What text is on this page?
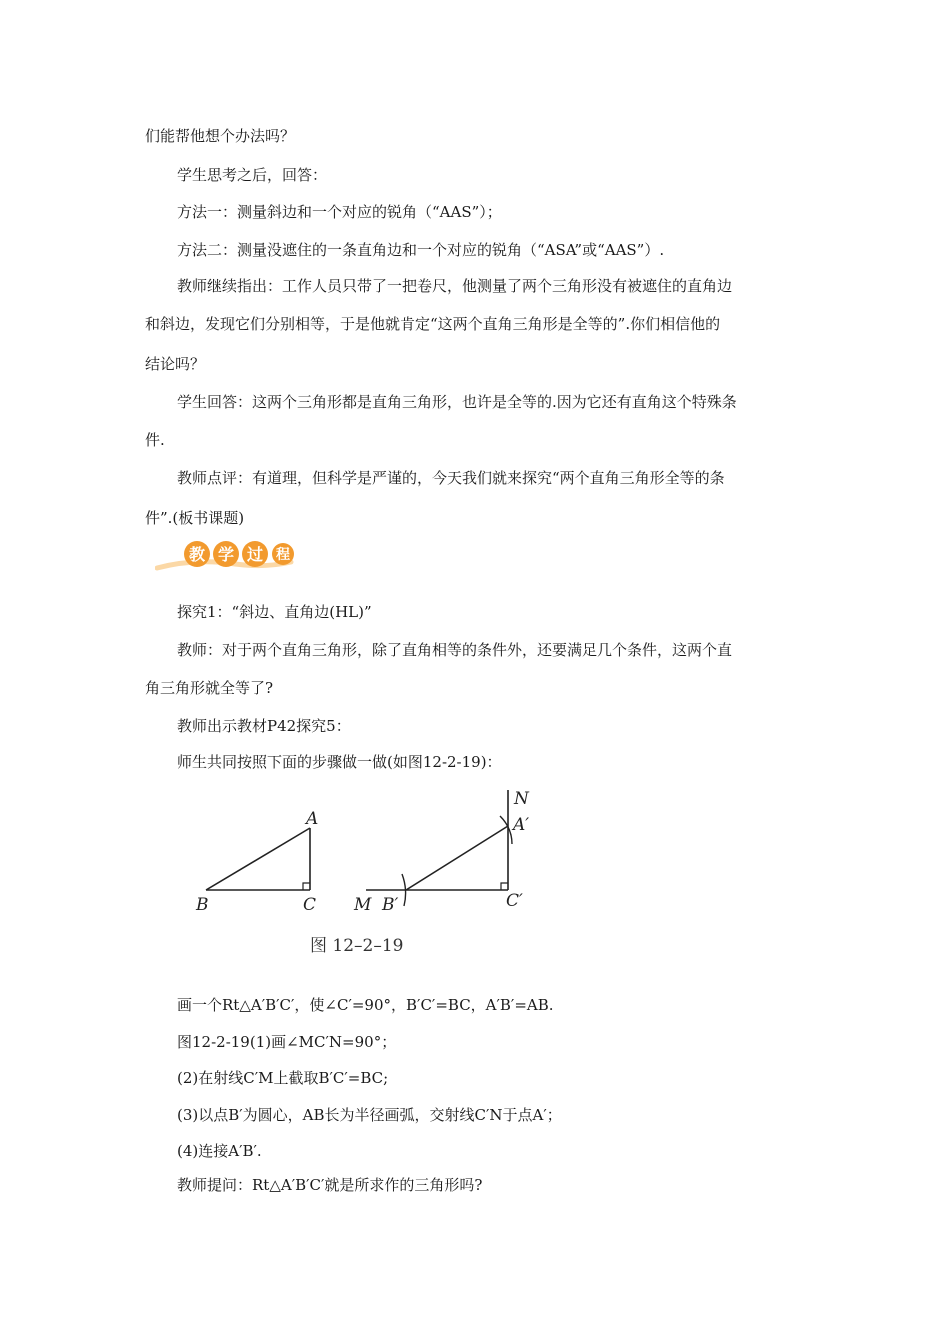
们能帮他想个办法吗？
学生思考之后，回答：
方法一：测量斜边和一个对应的锐角（“AAS”）；
方法二：测量没遮住的一条直角边和一个对应的锐角（“ASA”或“AAS”）.
教师继续指出：工作人员只带了一把卷尺，他测量了两个三角形没有被遮住的直角边
和斜边，发现它们分别相等，于是他就肯定“这两个直角三角形是全等的”.你们相信他的
结论吗？
学生回答：这两个三角形都是直角三角形，也许是全等的.因为它还有直角这个特殊条
件.
教师点评：有道理，但科学是严谨的，今天我们就来探究“两个直角三角形全等的条
件”.(板书课题)
教 学 过 程
探究1：“斜边、直角边(HL)”
教师：对于两个直角三角形，除了直角相等的条件外，还要满足几个条件，这两个直
角三角形就全等了?
教师出示教材P42探究5：
师生共同按照下面的步骤做一做(如图12-2-19)：
A
B	C
N
A′
M B′	C′
图 12–2–19
画一个Rt△A′B′C′，使∠C′=90°，B′C′=BC，A′B′=AB.
图12-2-19(1)画∠MC′N=90°；
(2)在射线C′M上截取B′C′=BC;
(3)以点B′为圆心，AB长为半径画弧，交射线C′N于点A′；
(4)连接A′B′.
教师提问：Rt△A′B′C′就是所求作的三角形吗?
